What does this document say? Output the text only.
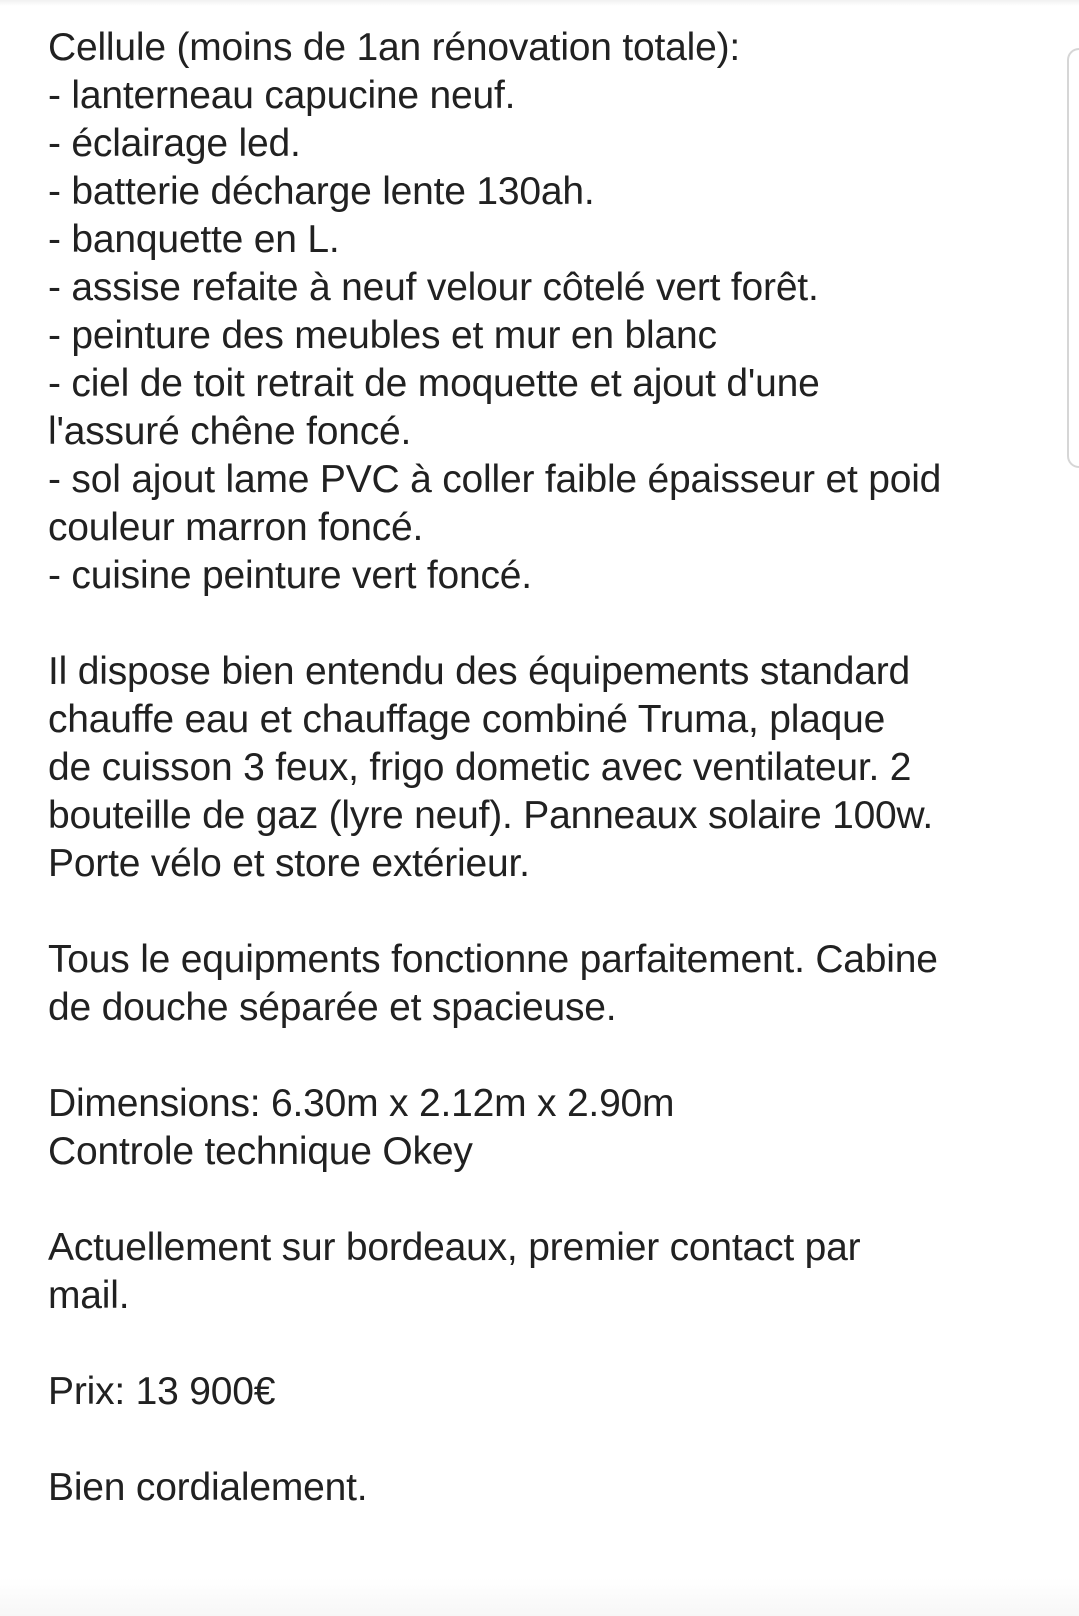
Cellule (moins de 1an rénovation totale):
- lanterneau capucine neuf.
- éclairage led.
- batterie décharge lente 130ah.
- banquette en L.
- assise refaite à neuf velour côtelé vert forêt.
- peinture des meubles et mur en blanc
- ciel de toit retrait de moquette et ajout d'une
l'assuré chêne foncé.
- sol ajout lame PVC à coller faible épaisseur et poid
couleur marron foncé.
- cuisine peinture vert foncé.
Il dispose bien entendu des équipements standard
chauffe eau et chauffage combiné Truma, plaque
de cuisson 3 feux, frigo dometic avec ventilateur. 2
bouteille de gaz (lyre neuf). Panneaux solaire 100w.
Porte vélo et store extérieur.
Tous le equipments fonctionne parfaitement. Cabine
de douche séparée et spacieuse.
Dimensions: 6.30m x 2.12m x 2.90m
Controle technique Okey
Actuellement sur bordeaux, premier contact par
mail.
Prix: 13 900€
Bien cordialement.
